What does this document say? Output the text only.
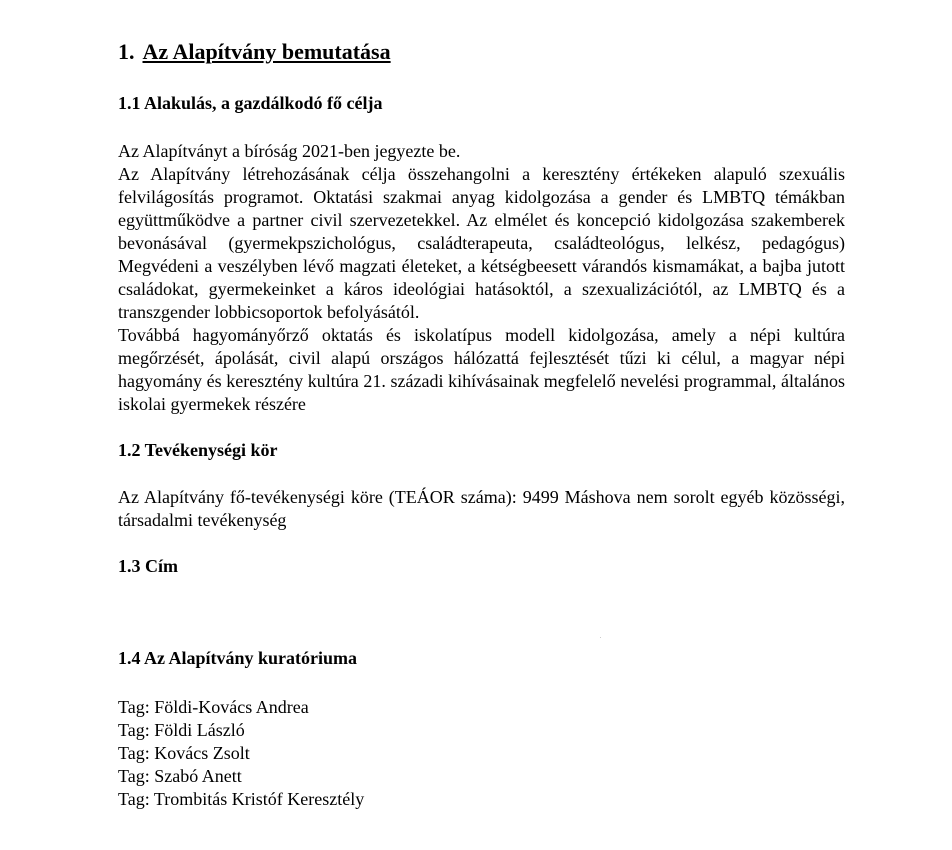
1. Az Alapítvány bemutatása
1.1 Alakulás, a gazdálkodó fő célja
Az Alapítványt a bíróság 2021-ben jegyezte be.

Az Alapítvány létrehozásának célja összehangolni a keresztény értékeken alapuló szexuális felvilágosítás programot. Oktatási szakmai anyag kidolgozása a gender és LMBTQ témákban együttműködve a partner civil szervezetekkel. Az elmélet és koncepció kidolgozása szakemberek bevonásával (gyermekpszichológus, családterapeuta, családteológus, lelkész, pedagógus) Megvédeni a veszélyben lévő magzati életeket, a kétségbeesett várandós kismamákat, a bajba jutott családokat, gyermekeinket a káros ideológiai hatásoktól, a szexualizációtól, az LMBTQ és a transzgender lobbicsoportok befolyásától.

Továbbá hagyományőrző oktatás és iskolatípus modell kidolgozása, amely a népi kultúra megőrzését, ápolását, civil alapú országos hálózattá fejlesztését tűzi ki célul, a magyar népi hagyomány és keresztény kultúra 21. századi kihívásainak megfelelő nevelési programmal, általános iskolai gyermekek részére

1.2 Tevékenységi kör

Az Alapítvány fő-tevékenységi köre (TEÁOR száma): 9499 Máshova nem sorolt egyéb közösségi, társadalmi tevékenység

1.3 Cím
1.4 Az Alapítvány kuratóriuma
Tag: Földi-Kovács Andrea
Tag: Földi László
Tag: Kovács Zsolt
Tag: Szabó Anett
Tag: Trombitás Kristóf Keresztély
